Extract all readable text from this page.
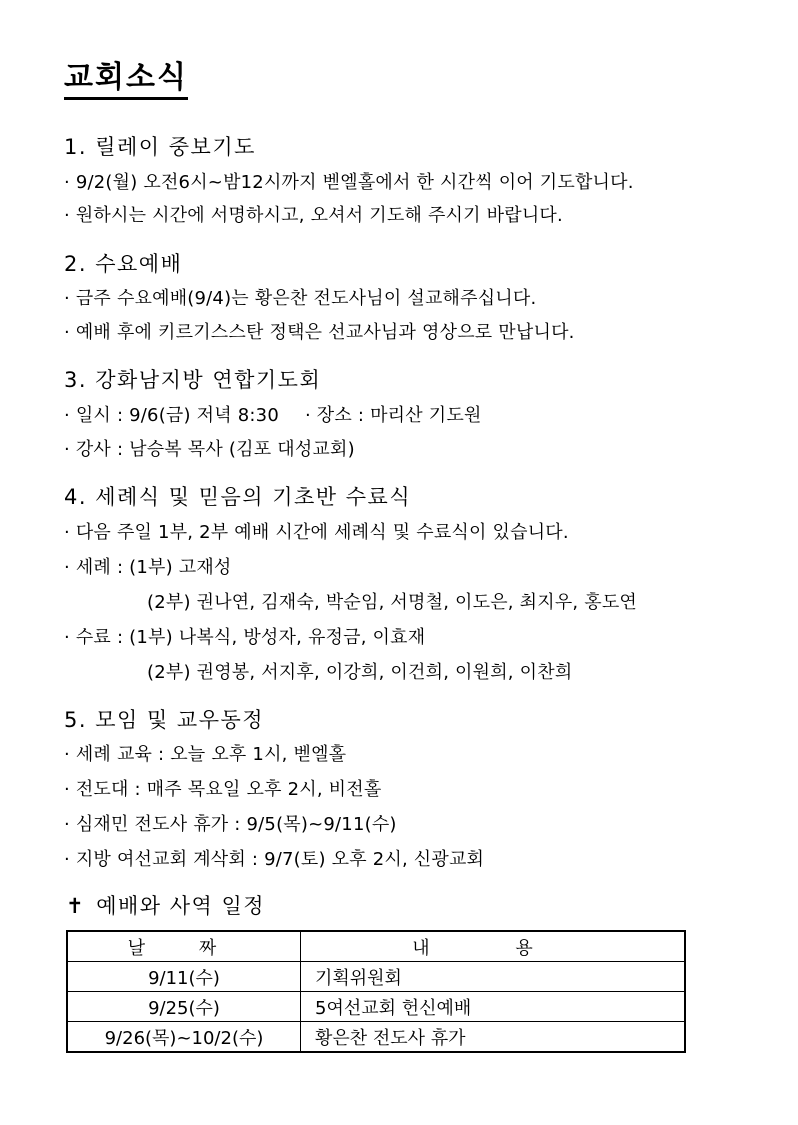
교회소식
1. 릴레이 중보기도
· 9/2(월) 오전6시~밤12시까지 벧엘홀에서 한 시간씩 이어 기도합니다.
· 원하시는 시간에 서명하시고, 오셔서 기도해 주시기 바랍니다.
2. 수요예배
· 금주 수요예배(9/4)는 황은찬 전도사님이 설교해주십니다.
· 예배 후에 키르기스스탄 정택은 선교사님과 영상으로 만납니다.
3. 강화남지방 연합기도회
· 일시 : 9/6(금) 저녁 8:30 · 장소 : 마리산 기도원
· 강사 : 남승복 목사 (김포 대성교회)
4. 세례식 및 믿음의 기초반 수료식
· 다음 주일 1부, 2부 예배 시간에 세례식 및 수료식이 있습니다.
· 세례 : (1부) 고재성
(2부) 권나연, 김재숙, 박순임, 서명철, 이도은, 최지우, 홍도연
· 수료 : (1부) 나복식, 방성자, 유정금, 이효재
(2부) 권영봉, 서지후, 이강희, 이건희, 이원희, 이찬희
5. 모임 및 교우동정
· 세례 교육 : 오늘 오후 1시, 벧엘홀
· 전도대 : 매주 목요일 오후 2시, 비전홀
· 심재민 전도사 휴가 : 9/5(목)~9/11(수)
· 지방 여선교회 계삭회 : 9/7(토) 오후 2시, 신광교회
✝ 예배와 사역 일정
날 짜	내 용
9/11(수)	기획위원회
9/25(수)	5여선교회 헌신예배
9/26(목)~10/2(수)	황은찬 전도사 휴가
